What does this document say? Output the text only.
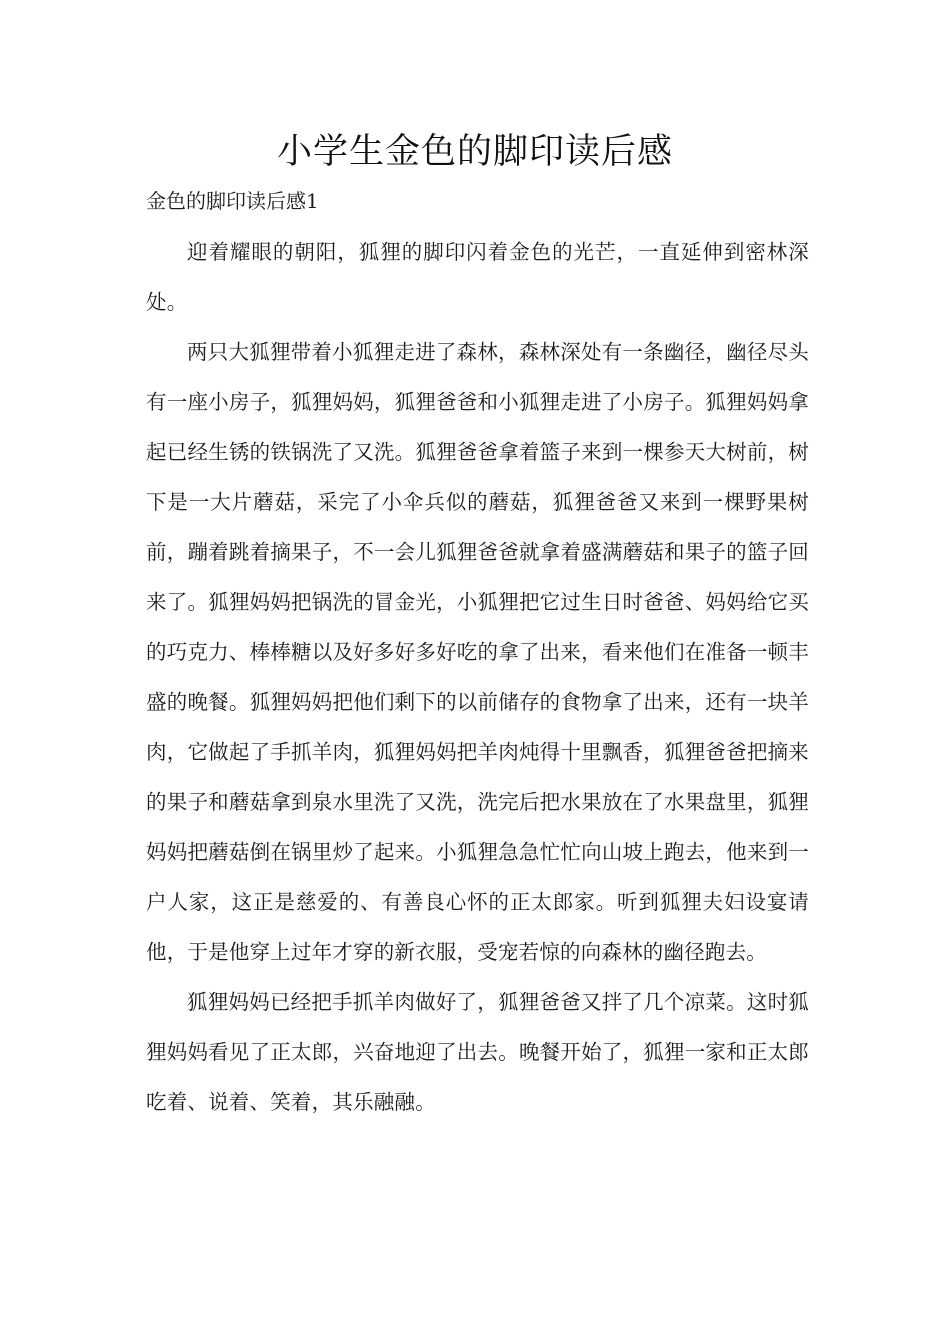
小学生金色的脚印读后感

金色的脚印读后感1

迎着耀眼的朝阳，狐狸的脚印闪着金色的光芒，一直延伸到密林深处。

两只大狐狸带着小狐狸走进了森林，森林深处有一条幽径，幽径尽头有一座小房子，狐狸妈妈，狐狸爸爸和小狐狸走进了小房子。狐狸妈妈拿起已经生锈的铁锅洗了又洗。狐狸爸爸拿着篮子来到一棵参天大树前，树下是一大片蘑菇，采完了小伞兵似的蘑菇，狐狸爸爸又来到一棵野果树前，蹦着跳着摘果子，不一会儿狐狸爸爸就拿着盛满蘑菇和果子的篮子回来了。狐狸妈妈把锅洗的冒金光，小狐狸把它过生日时爸爸、妈妈给它买的巧克力、棒棒糖以及好多好多好吃的拿了出来，看来他们在准备一顿丰盛的晚餐。狐狸妈妈把他们剩下的以前储存的食物拿了出来，还有一块羊肉，它做起了手抓羊肉，狐狸妈妈把羊肉炖得十里飘香，狐狸爸爸把摘来的果子和蘑菇拿到泉水里洗了又洗，洗完后把水果放在了水果盘里，狐狸妈妈把蘑菇倒在锅里炒了起来。小狐狸急急忙忙向山坡上跑去，他来到一户人家，这正是慈爱的、有善良心怀的正太郎家。听到狐狸夫妇设宴请他，于是他穿上过年才穿的新衣服，受宠若惊的向森林的幽径跑去。

狐狸妈妈已经把手抓羊肉做好了，狐狸爸爸又拌了几个凉菜。这时狐狸妈妈看见了正太郎，兴奋地迎了出去。晚餐开始了，狐狸一家和正太郎吃着、说着、笑着，其乐融融。
